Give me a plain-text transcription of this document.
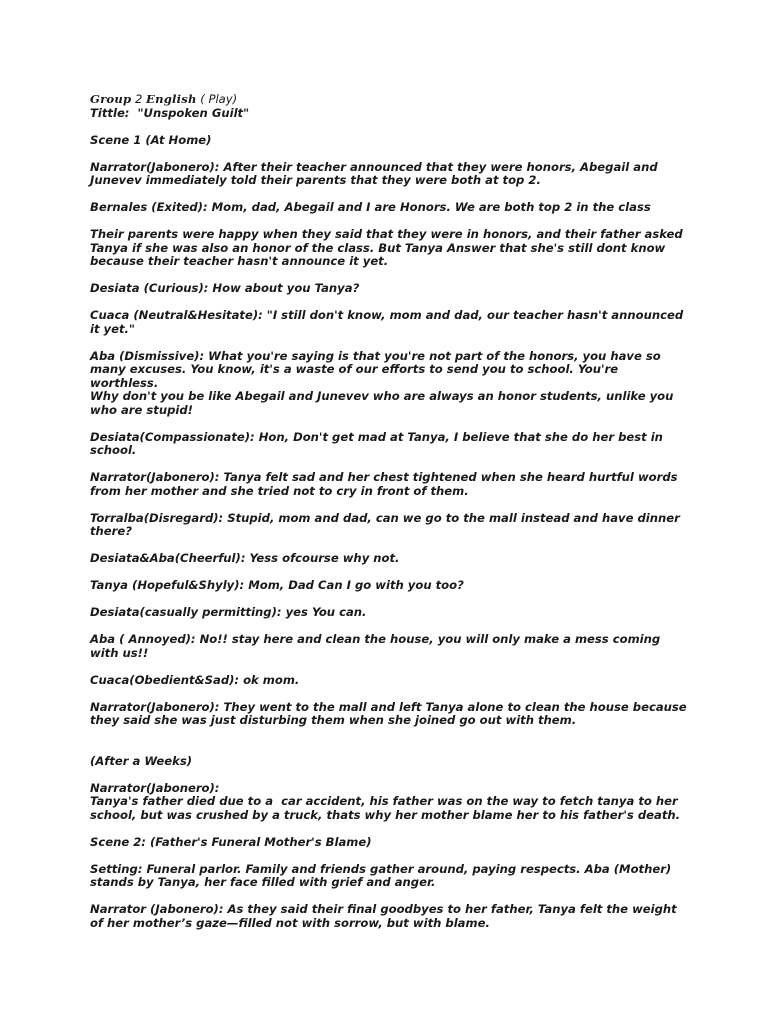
Group 2 English ( Play)

Tittle:  "Unspoken Guilt"

Scene 1 (At Home)

Narrator(Jabonero): After their teacher announced that they were honors, Abegail and

Junevev immediately told their parents that they were both at top 2.

Bernales (Exited): Mom, dad, Abegail and I are Honors. We are both top 2 in the class

Their parents were happy when they said that they were in honors, and their father asked

Tanya if she was also an honor of the class. But Tanya Answer that she's still dont know

because their teacher hasn't announce it yet.

Desiata (Curious): How about you Tanya?

Cuaca (Neutral&Hesitate): "I still don't know, mom and dad, our teacher hasn't announced

it yet."

Aba (Dismissive): What you're saying is that you're not part of the honors, you have so

many excuses. You know, it's a waste of our efforts to send you to school. You're worthless.

Why don't you be like Abegail and Junevev who are always an honor students, unlike you

who are stupid!

Desiata(Compassionate): Hon, Don't get mad at Tanya, I believe that she do her best in

school.

Narrator(Jabonero): Tanya felt sad and her chest tightened when she heard hurtful words

from her mother and she tried not to cry in front of them.

Torralba(Disregard): Stupid, mom and dad, can we go to the mall instead and have dinner

there?

Desiata&Aba(Cheerful): Yess ofcourse why not.

Tanya (Hopeful&Shyly): Mom, Dad Can I go with you too?

Desiata(casually permitting): yes You can.

Aba ( Annoyed): No!! stay here and clean the house, you will only make a mess coming

with us!!

Cuaca(Obedient&Sad): ok mom.

Narrator(Jabonero): They went to the mall and left Tanya alone to clean the house because

they said she was just disturbing them when she joined go out with them.

(After a Weeks)

Narrator(Jabonero):

Tanya's father died due to a  car accident, his father was on the way to fetch tanya to her

school, but was crushed by a truck, thats why her mother blame her to his father's death.

Scene 2: (Father's Funeral Mother's Blame)

Setting: Funeral parlor. Family and friends gather around, paying respects. Aba (Mother)

stands by Tanya, her face filled with grief and anger.

Narrator (Jabonero): As they said their final goodbyes to her father, Tanya felt the weight

of her mother’s gaze—filled not with sorrow, but with blame.
